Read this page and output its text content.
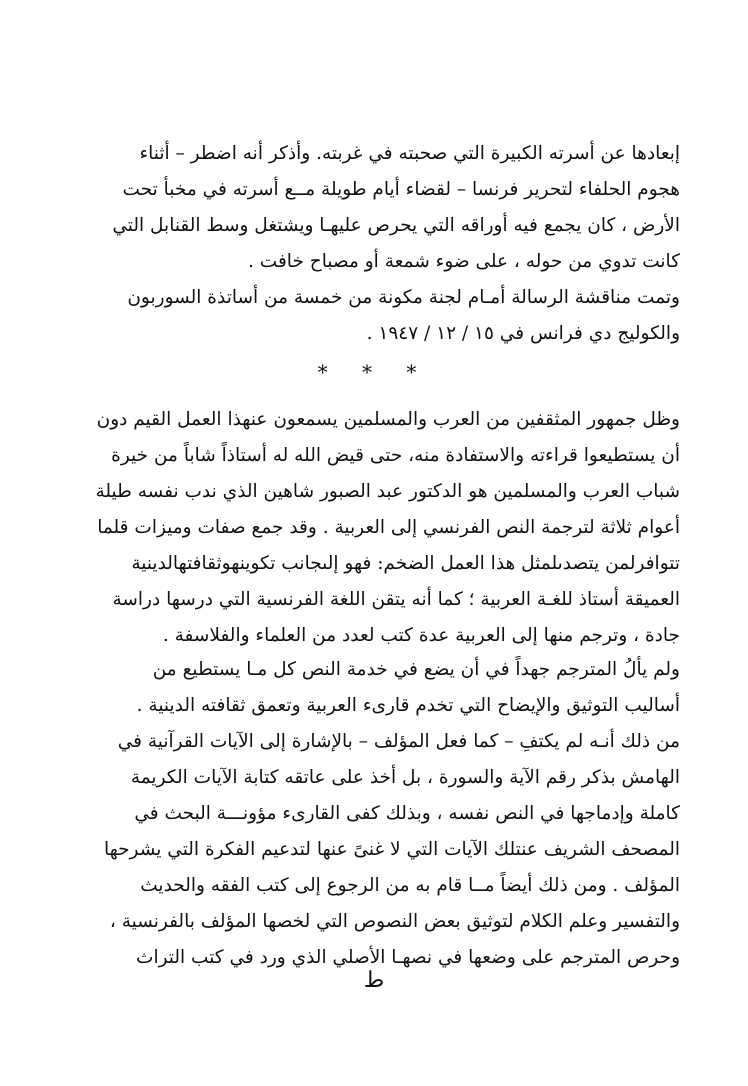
إبعادها عن أسرته الكبيرة التي صحبته في غربته. وأذكر أنه اضطر – أثناء
هجوم الحلفاء لتحرير فرنسا – لقضاء أيام طويلة مــع أسرته في مخبأ تحت
الأرض ، كان يجمع فيه أوراقه التي يحرص عليهـا ويشتغل وسط القنابل التي
كانت تدوي من حوله ، على ضوء شمعة أو مصباح خافت .
وتمت مناقشة الرسالة أمـام لجنة مكونة من خمسة من أساتذة السوربون
والكوليج دي فرانس في ١٥ / ١٢ / ١٩٤٧ .
* * *
وظل جمهور المثقفين من العرب والمسلمين يسمعون عنهذا العمل القيم دون
أن يستطيعوا قراءته والاستفادة منه، حتى قيض الله له أستاذاً شاباً من خيرة
شباب العرب والمسلمين هو الدكتور عبد الصبور شاهين الذي ندب نفسه طيلة
أعوام ثلاثة لترجمة النص الفرنسي إلى العربية . وقد جمع صفات وميزات قلما
تتوافرلمن يتصدىلمثل هذا العمل الضخم: فهو إلىجانب تكوينهوثقافتهالدينية
العميقة أستاذ للغـة العربية ؛ كما أنه يتقن اللغة الفرنسية التي درسها دراسة
جادة ، وترجم منها إلى العربية عدة كتب لعدد من العلماء والفلاسفة .
ولم يألُ المترجم جهداً في أن يضع في خدمة النص كل مـا يستطيع من
أساليب التوثيق والإيضاح التي تخدم قارىء العربية وتعمق ثقافته الدينية .
من ذلك أنـه لم يكتفِ – كما فعل المؤلف – بالإشارة إلى الآيات القرآنية في
الهامش بذكر رقم الآية والسورة ، بل أخذ على عاتقه كتابة الآيات الكريمة
كاملة وإدماجها في النص نفسه ، وبذلك كفى القارىء مؤونـــة البحث في
المصحف الشريف عنتلك الآيات التي لا غنىً عنها لتدعيم الفكرة التي يشرحها
المؤلف . ومن ذلك أيضاً مــا قام به من الرجوع إلى كتب الفقه والحديث
والتفسير وعلم الكلام لتوثيق بعض النصوص التي لخصها المؤلف بالفرنسية ،
وحرص المترجم على وضعها في نصهـا الأصلي الذي ورد في كتب التراث
ط
